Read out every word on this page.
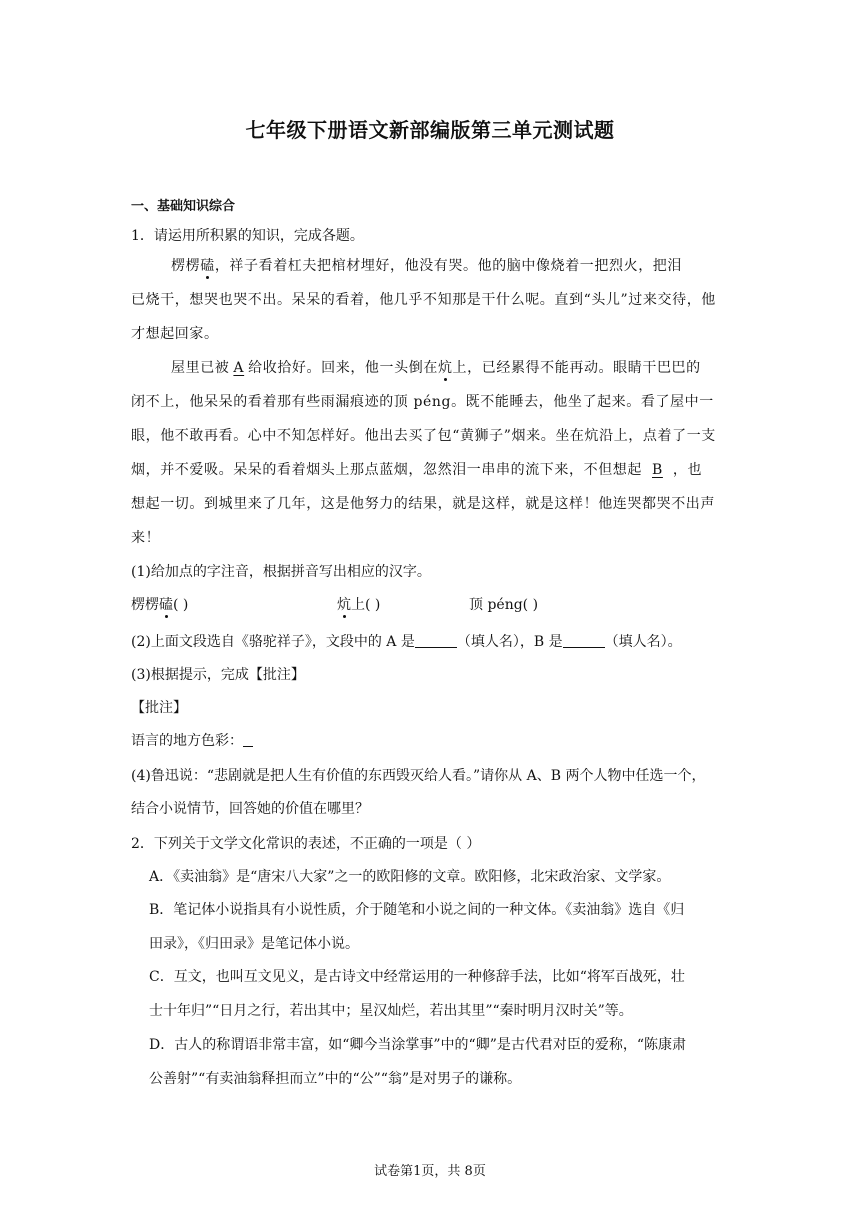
七年级下册语文新部编版第三单元测试题
一、基础知识综合
1．请运用所积累的知识，完成各题。
楞楞磕，祥子看着杠夫把棺材埋好，他没有哭。他的脑中像烧着一把烈火，把泪
已烧干，想哭也哭不出。呆呆的看着，他几乎不知那是干什么呢。直到“头儿”过来交待，他
才想起回家。
屋里已被 A 给收拾好。回来，他一头倒在炕上，已经累得不能再动。眼睛干巴巴的
闭不上，他呆呆的看着那有些雨漏痕迹的顶 péng。既不能睡去，他坐了起来。看了屋中一
眼，他不敢再看。心中不知怎样好。他出去买了包“黄狮子”烟来。坐在炕沿上，点着了一支
烟，并不爱吸。呆呆的看着烟头上那点蓝烟，忽然泪一串串的流下来，不但想起 B ，也
想起一切。到城里来了几年，这是他努力的结果，就是这样，就是这样！他连哭都哭不出声
来！
(1)给加点的字注音，根据拼音写出相应的汉字。
楞楞磕( )	炕上( )	顶 péng( )
(2)上面文段选自《骆驼祥子》，文段中的 A 是	（填人名），B 是	（填人名）。
(3)根据提示，完成【批注】
【批注】
语言的地方色彩：
(4)鲁迅说：“悲剧就是把人生有价值的东西毁灭给人看。”请你从 A、B 两个人物中任选一个，
结合小说情节，回答她的价值在哪里？
2．下列关于文学文化常识的表述，不正确的一项是（ ）
A．《卖油翁》是“唐宋八大家”之一的欧阳修的文章。欧阳修，北宋政治家、文学家。
B．笔记体小说指具有小说性质，介于随笔和小说之间的一种文体。《卖油翁》选自《归
田录》，《归田录》是笔记体小说。
C．互文，也叫互文见义，是古诗文中经常运用的一种修辞手法，比如“将军百战死，壮
士十年归”“日月之行，若出其中；星汉灿烂，若出其里”“秦时明月汉时关”等。
D．古人的称谓语非常丰富，如“卿今当涂掌事”中的“卿”是古代君对臣的爱称，“陈康肃
公善射”“有卖油翁释担而立”中的“公”“翁”是对男子的谦称。
试卷第1页，共 8页
